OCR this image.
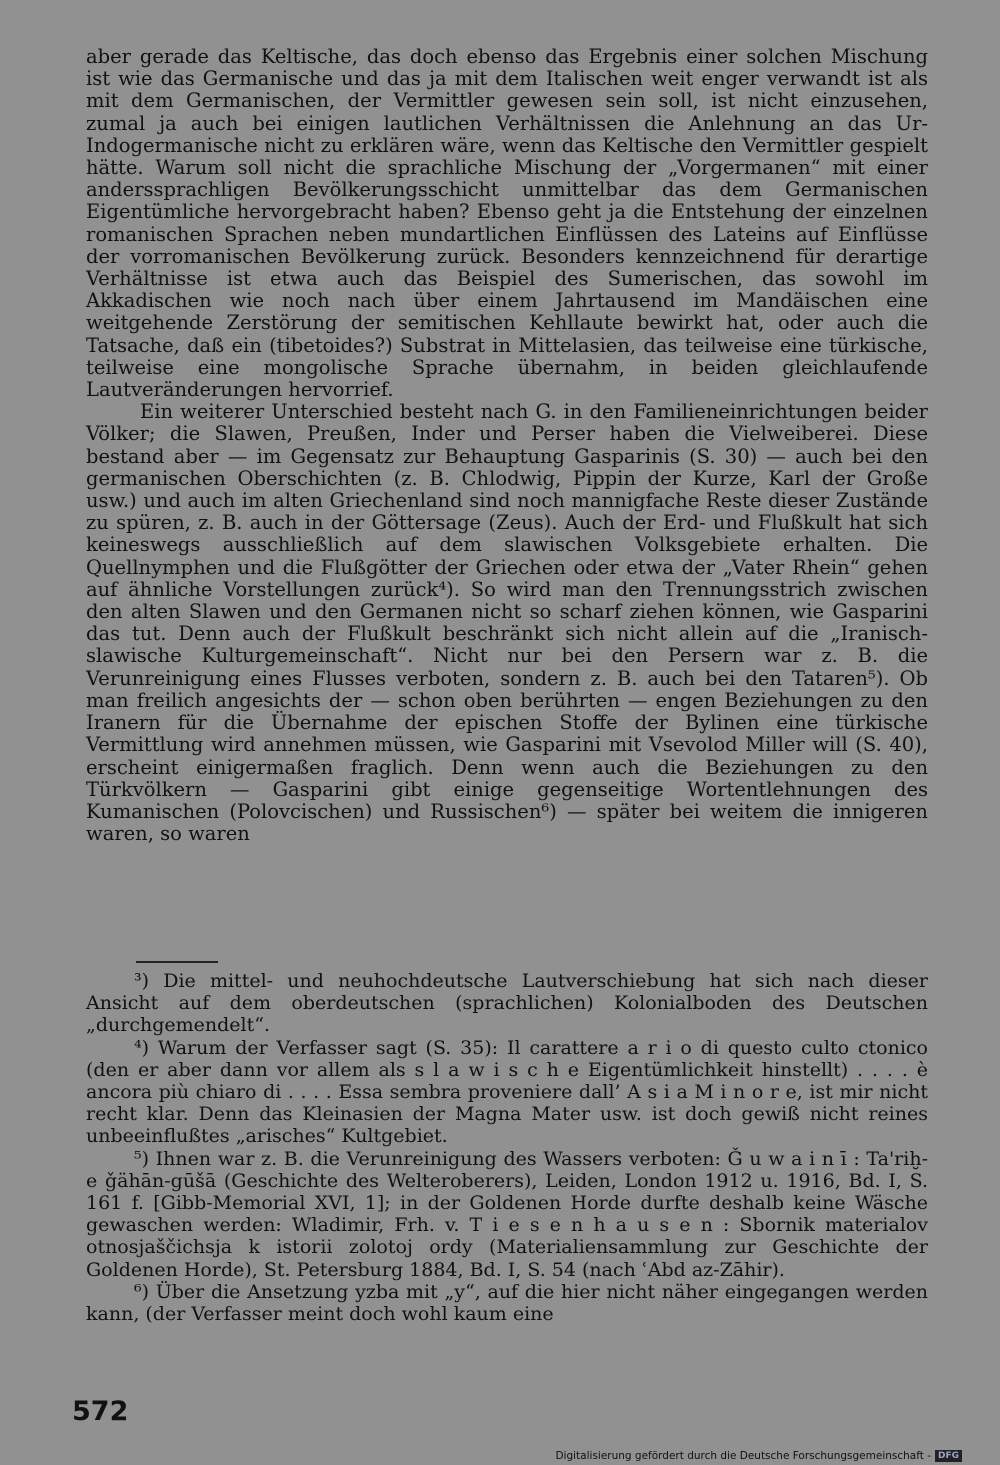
aber gerade das Keltische, das doch ebenso das Ergebnis einer solchen Mischung ist wie das Germanische und das ja mit dem Italischen weit enger verwandt ist als mit dem Germanischen, der Vermittler gewesen sein soll, ist nicht einzusehen, zumal ja auch bei einigen lautlichen Verhältnissen die Anlehnung an das Ur-Indogermanische nicht zu erklären wäre, wenn das Keltische den Vermittler gespielt hätte. Warum soll nicht die sprachliche Mischung der „Vorgermanen“ mit einer anderssprachligen Bevölkerungsschicht unmittelbar das dem Germanischen Eigentümliche hervorgebracht haben? Ebenso geht ja die Entstehung der einzelnen romanischen Sprachen neben mundartlichen Einflüssen des Lateins auf Einflüsse der vorromanischen Bevölkerung zurück. Besonders kennzeichnend für derartige Verhältnisse ist etwa auch das Beispiel des Sumerischen, das sowohl im Akkadischen wie noch nach über einem Jahrtausend im Mandäischen eine weitgehende Zerstörung der semitischen Kehllaute bewirkt hat, oder auch die Tatsache, daß ein (tibetoides?) Substrat in Mittelasien, das teilweise eine türkische, teilweise eine mongolische Sprache übernahm, in beiden gleichlaufende Lautveränderungen hervorrief.

Ein weiterer Unterschied besteht nach G. in den Familieneinrichtungen beider Völker; die Slawen, Preußen, Inder und Perser haben die Vielweiberei. Diese bestand aber — im Gegensatz zur Behauptung Gasparinis (S. 30) — auch bei den germanischen Oberschichten (z. B. Chlodwig, Pippin der Kurze, Karl der Große usw.) und auch im alten Griechenland sind noch mannigfache Reste dieser Zustände zu spüren, z. B. auch in der Göttersage (Zeus). Auch der Erd- und Flußkult hat sich keineswegs ausschließlich auf dem slawischen Volksgebiete erhalten. Die Quellnymphen und die Flußgötter der Griechen oder etwa der „Vater Rhein“ gehen auf ähnliche Vorstellungen zurück⁴). So wird man den Trennungsstrich zwischen den alten Slawen und den Germanen nicht so scharf ziehen können, wie Gasparini das tut. Denn auch der Flußkult beschränkt sich nicht allein auf die „Iranisch-slawische Kulturgemeinschaft“. Nicht nur bei den Persern war z. B. die Verunreinigung eines Flusses verboten, sondern z. B. auch bei den Tataren⁵). Ob man freilich angesichts der — schon oben berührten — engen Beziehungen zu den Iranern für die Übernahme der epischen Stoffe der Bylinen eine türkische Vermittlung wird annehmen müssen, wie Gasparini mit Vsevolod Miller will (S. 40), erscheint einigermaßen fraglich. Denn wenn auch die Beziehungen zu den Türkvölkern — Gasparini gibt einige gegenseitige Wortentlehnungen des Kumanischen (Polovcischen) und Russischen⁶) — später bei weitem die innigeren waren, so waren

³) Die mittel- und neuhochdeutsche Lautverschiebung hat sich nach dieser Ansicht auf dem oberdeutschen (sprachlichen) Kolonialboden des Deutschen „durchgemendelt“.

⁴) Warum der Verfasser sagt (S. 35): Il carattere a r i o di questo culto ctonico (den er aber dann vor allem als s l a w i s c h e Eigentümlichkeit hinstellt) . . . . è ancora più chiaro di . . . . Essa sembra proveniere dall’ A s i a M i n o r e, ist mir nicht recht klar. Denn das Kleinasien der Magna Mater usw. ist doch gewiß nicht reines unbeeinflußtes „arisches“ Kultgebiet.

⁵) Ihnen war z. B. die Verunreinigung des Wassers verboten: Ǧ u w a i n ī : Ta'riḫ-e ǧähān-gūšā (Geschichte des Welteroberers), Leiden, London 1912 u. 1916, Bd. I, S. 161 f. [Gibb-Memorial XVI, 1]; in der Goldenen Horde durfte deshalb keine Wäsche gewaschen werden: Wladimir, Frh. v. T i e s e n h a u s e n : Sbornik materialov otnosjaščichsja k istorii zolotoj ordy (Materialiensammlung zur Geschichte der Goldenen Horde), St. Petersburg 1884, Bd. I, S. 54 (nach ʿAbd az-Zāhir).

⁶) Über die Ansetzung yzba mit „y“, auf die hier nicht näher eingegangen werden kann, (der Verfasser meint doch wohl kaum eine

572
Digitalisierung gefördert durch die Deutsche Forschungsgemeinschaft - DFG
